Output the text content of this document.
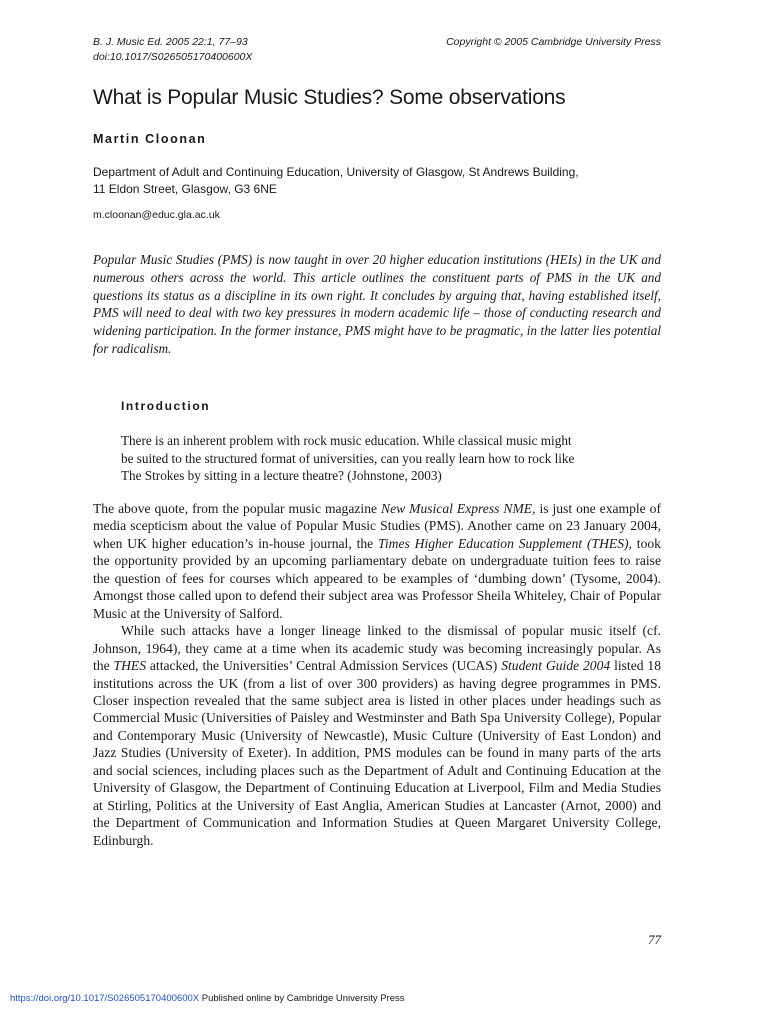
B. J. Music Ed. 2005 22:1, 77–93
doi:10.1017/S026505170400600X
Copyright © 2005 Cambridge University Press
What is Popular Music Studies? Some observations
Martin Cloonan
Department of Adult and Continuing Education, University of Glasgow, St Andrews Building,
11 Eldon Street, Glasgow, G3 6NE
m.cloonan@educ.gla.ac.uk

Popular Music Studies (PMS) is now taught in over 20 higher education institutions (HEIs) in the UK and numerous others across the world. This article outlines the constituent parts of PMS in the UK and questions its status as a discipline in its own right. It concludes by arguing that, having established itself, PMS will need to deal with two key pressures in modern academic life – those of conducting research and widening participation. In the former instance, PMS might have to be pragmatic, in the latter lies potential for radicalism.

Introduction
There is an inherent problem with rock music education. While classical music might
be suited to the structured format of universities, can you really learn how to rock like
The Strokes by sitting in a lecture theatre? (Johnstone, 2003)

The above quote, from the popular music magazine New Musical Express NME, is just one example of media scepticism about the value of Popular Music Studies (PMS). Another came on 23 January 2004, when UK higher education’s in-house journal, the Times Higher Education Supplement (THES), took the opportunity provided by an upcoming parliamentary debate on undergraduate tuition fees to raise the question of fees for courses which appeared to be examples of ‘dumbing down’ (Tysome, 2004). Amongst those called upon to defend their subject area was Professor Sheila Whiteley, Chair of Popular Music at the University of Salford.

While such attacks have a longer lineage linked to the dismissal of popular music itself (cf. Johnson, 1964), they came at a time when its academic study was becoming increasingly popular. As the THES attacked, the Universities’ Central Admission Services (UCAS) Student Guide 2004 listed 18 institutions across the UK (from a list of over 300 providers) as having degree programmes in PMS. Closer inspection revealed that the same subject area is listed in other places under headings such as Commercial Music (Universities of Paisley and Westminster and Bath Spa University College), Popular and Contemporary Music (University of Newcastle), Music Culture (University of East London) and Jazz Studies (University of Exeter). In addition, PMS modules can be found in many parts of the arts and social sciences, including places such as the Department of Adult and Continuing Education at the University of Glasgow, the Department of Continuing Education at Liverpool, Film and Media Studies at Stirling, Politics at the University of East Anglia, American Studies at Lancaster (Arnot, 2000) and the Department of Communication and Information Studies at Queen Margaret University College, Edinburgh.

77
https://doi.org/10.1017/S026505170400600X Published online by Cambridge University Press
